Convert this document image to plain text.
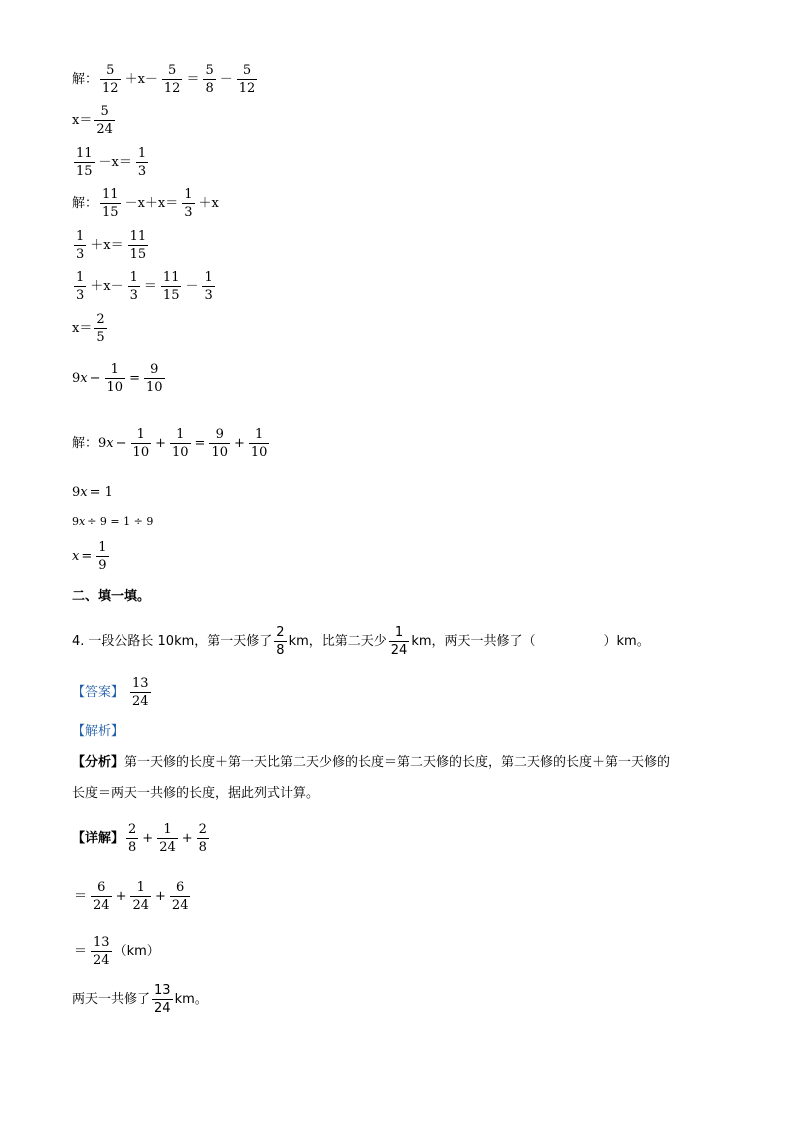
解： $\frac{5}{12} +x- \frac{5}{12} = \frac{5}{8} - \frac{5}{12}$
$x= \frac{5}{24}$
$\frac{11}{15} -x= \frac{1}{3}$
解： $\frac{11}{15} -x+x= \frac{1}{3} +x$
$\frac{1}{3} +x= \frac{11}{15}$
$\frac{1}{3} +x- \frac{1}{3} = \frac{11}{15} - \frac{1}{3}$
$x= \frac{2}{5}$
9 $x - \frac{1}{10} = \frac{9}{10}$
解： 9 $x - \frac{1}{10} + \frac{1}{10} = \frac{9}{10} + \frac{1}{10}$
9 x = 1
9 x ÷ 9 = 1 ÷ 9
$x = \frac{1}{9}$
二、填一填。
4. 一段公路长 10km，第一天修了 $\frac{2}{8}$ km，比第二天少 $\frac{1}{24}$ km，两天一共修了（	）km。
【答案】 $\frac{13}{24}$
【解析】
【分析】 第一天修的长度＋第一天比第二天少修的长度＝第二天修的长度，第二天修的长度＋第一天修的
长度＝两天一共修的长度，据此列式计算。
【详解】 $\frac{2}{8} + \frac{1}{24} + \frac{2}{8}$
＝ $\frac{6}{24} + \frac{1}{24} + \frac{6}{24}$
＝ $\frac{13}{24} (km)$
两天一共修了 $\frac{13}{24}$ km。
